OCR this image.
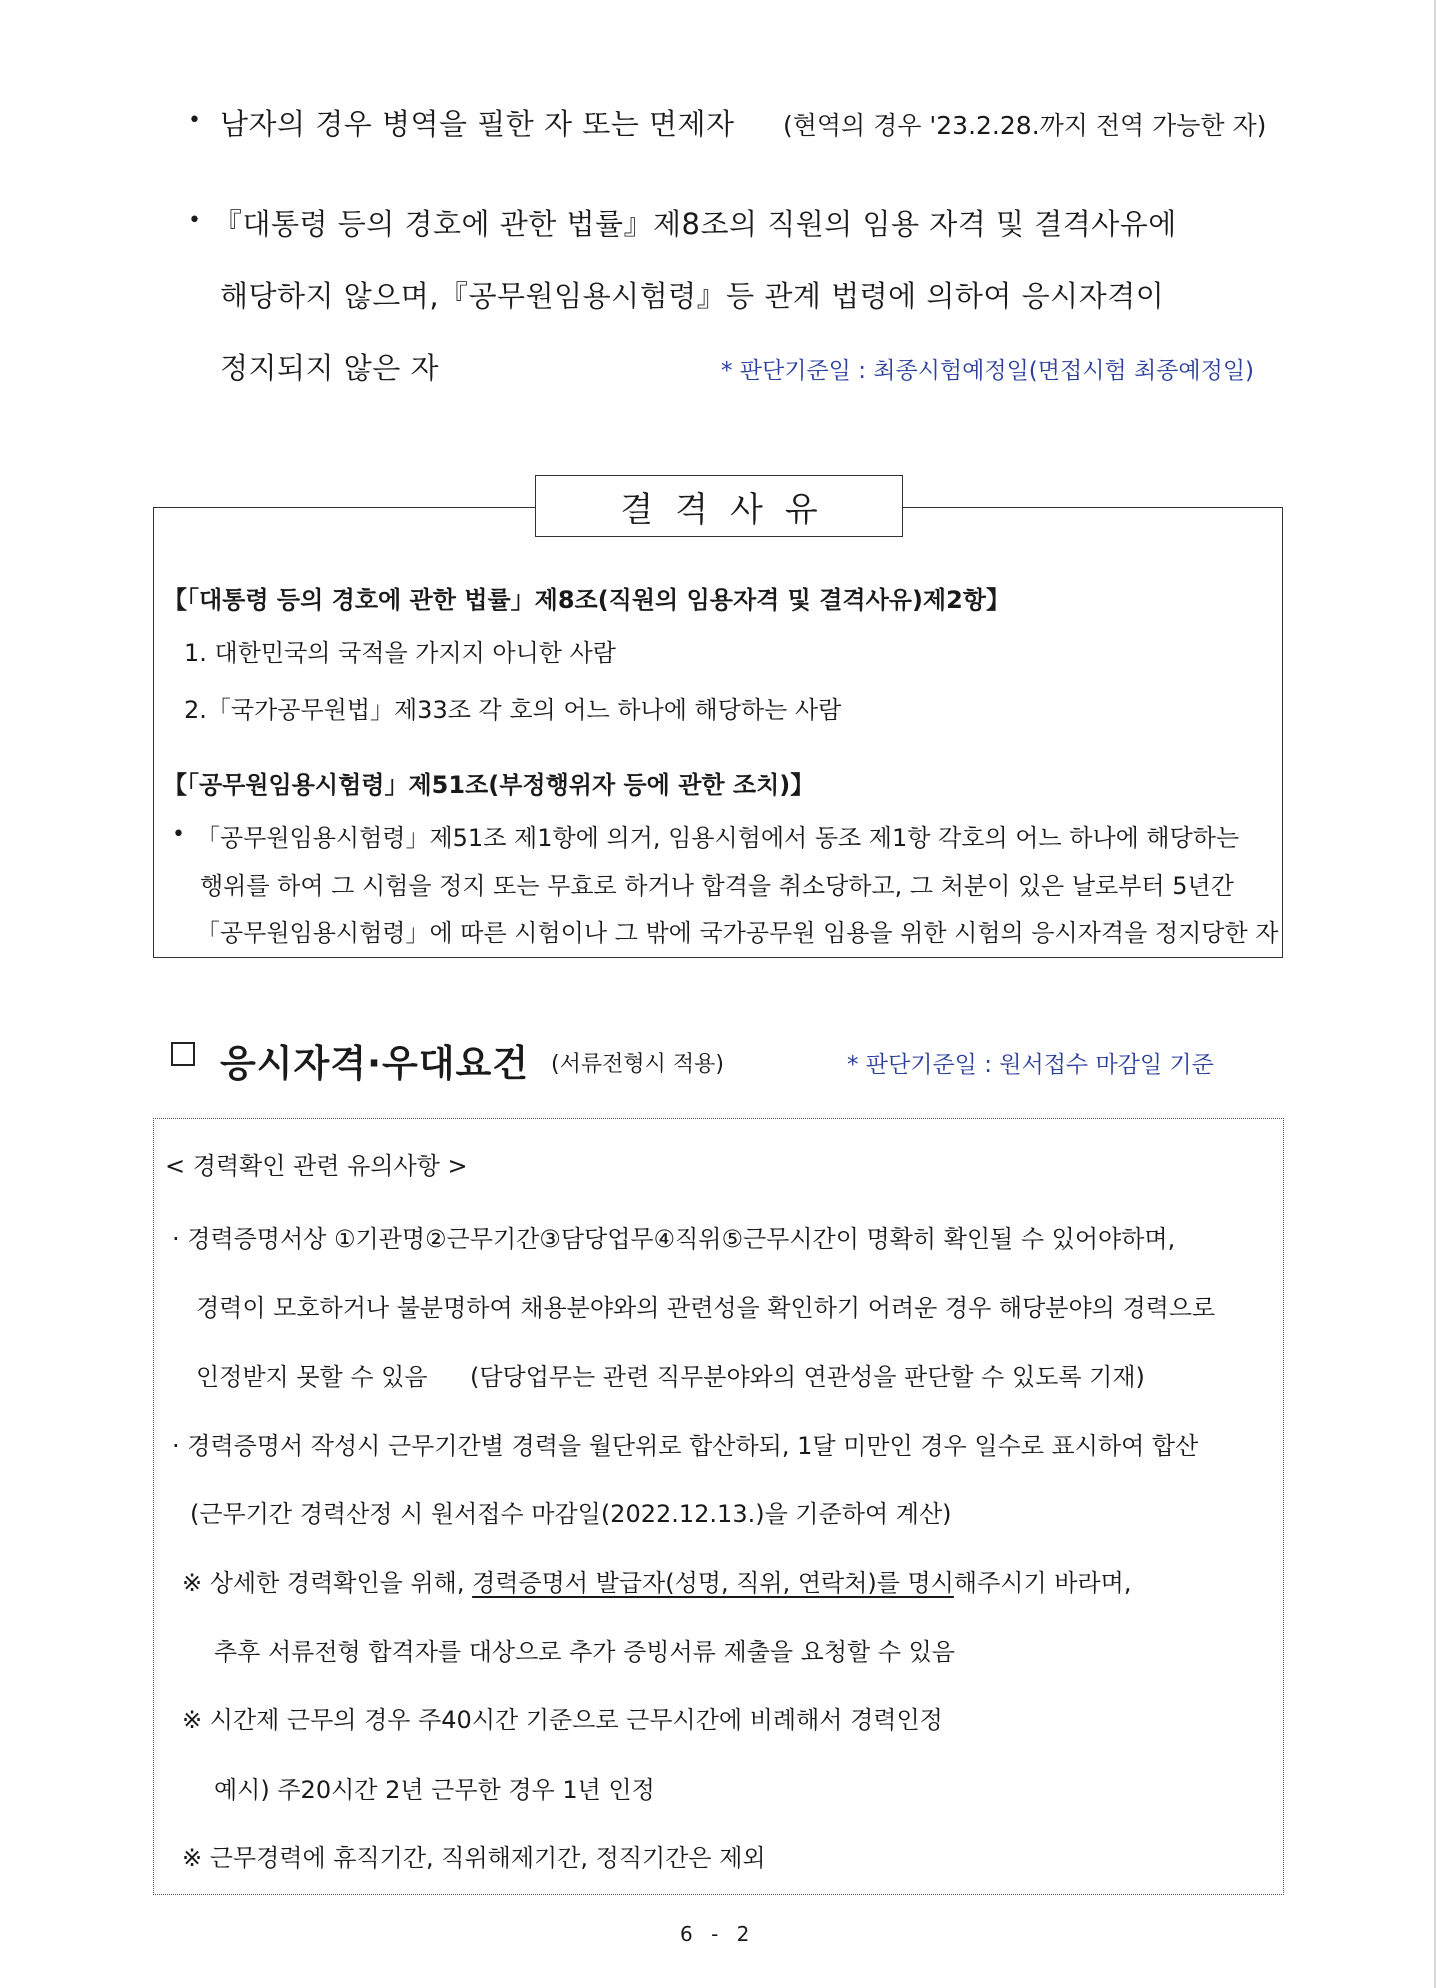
• 남자의 경우 병역을 필한 자 또는 면제자 (현역의 경우 '23.2.28.까지 전역 가능한 자)
• 『대통령 등의 경호에 관한 법률』제8조의 직원의 임용 자격 및 결격사유에
해당하지 않으며,『공무원임용시험령』등 관계 법령에 의하여 응시자격이
정지되지 않은 자	* 판단기준일 : 최종시험예정일(면접시험 최종예정일)
결격사유
【「대통령 등의 경호에 관한 법률」제8조(직원의 임용자격 및 결격사유)제2항】
1. 대한민국의 국적을 가지지 아니한 사람
2.「국가공무원법」제33조 각 호의 어느 하나에 해당하는 사람
【「공무원임용시험령」제51조(부정행위자 등에 관한 조치)】
• 「공무원임용시험령」제51조 제1항에 의거, 임용시험에서 동조 제1항 각호의 어느 하나에 해당하는
행위를 하여 그 시험을 정지 또는 무효로 하거나 합격을 취소당하고, 그 처분이 있은 날로부터 5년간
「공무원임용시험령」에 따른 시험이나 그 밖에 국가공무원 임용을 위한 시험의 응시자격을 정지당한 자
응시자격·우대요건 (서류전형시 적용)	* 판단기준일 : 원서접수 마감일 기준
< 경력확인 관련 유의사항 >
· 경력증명서상 ①기관명②근무기간③담당업무④직위⑤근무시간이 명확히 확인될 수 있어야하며,
경력이 모호하거나 불분명하여 채용분야와의 관련성을 확인하기 어려운 경우 해당분야의 경력으로
인정받지 못할 수 있음 (담당업무는 관련 직무분야와의 연관성을 판단할 수 있도록 기재)
· 경력증명서 작성시 근무기간별 경력을 월단위로 합산하되, 1달 미만인 경우 일수로 표시하여 합산
(근무기간 경력산정 시 원서접수 마감일(2022.12.13.)을 기준하여 계산)
※ 상세한 경력확인을 위해, 경력증명서 발급자(성명, 직위, 연락처)를 명시해주시기 바라며,
추후 서류전형 합격자를 대상으로 추가 증빙서류 제출을 요청할 수 있음
※ 시간제 근무의 경우 주40시간 기준으로 근무시간에 비례해서 경력인정
예시) 주20시간 2년 근무한 경우 1년 인정
※ 근무경력에 휴직기간, 직위해제기간, 정직기간은 제외
6 - 2
